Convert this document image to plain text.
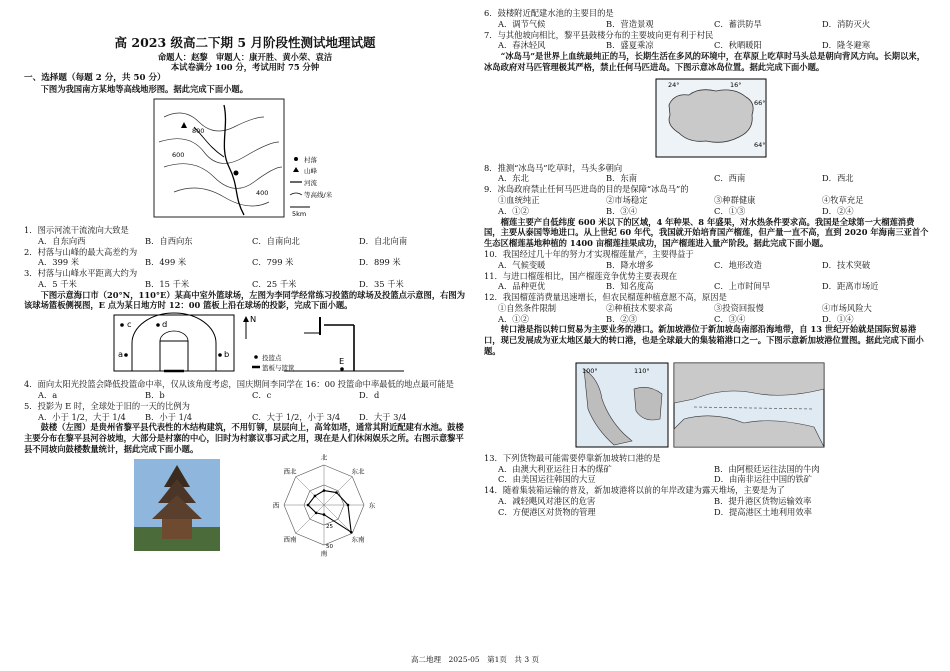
高 2023 级高二下期 5 月阶段性测试地理试题
命题人：赵黎　审题人：康开胜、黄小荣、袁洁
本试卷满分 100 分，考试用时 75 分钟
一、选择题（每题 2 分，共 50 分）
下图为我国南方某地等高线地形图。据此完成下面小题。
800
600
400
村落
山峰
河流
等高线/米
5km
1．图示河流干流流向大致是
A．自东向西	B．自西向东	C．自南向北	D．自北向南
2．村落与山峰的最大高差约为
A．399 米	B．499 米	C．799 米	D．899 米
3．村落与山峰水平距离大约为
A．5 千米	B．15 千米	C．25 千米	D．35 千米
下图示意海口市（20°N，110°E）某高中室外篮球场，左图为李同学经常练习投篮的球场及投篮点示意图，右图为该球场篮板侧视图，E 点为某日地方时 12：00 篮板上沿在球场的投影，完成下面小题。
c	d
a	b
N
投篮点
篮板与篮筐
E
4．面向太阳光投篮会降低投篮命中率，仅从该角度考虑，国庆期间李同学在 16：00 投篮命中率最低的地点最可能是
A．a	B．b	C．c	D．d
5．投影为 E 时，全球处于旧的一天的比例为
A．小于 1/2，大于 1/4	B．小于 1/4	C．大于 1/2，小于 3/4	D．大于 3/4
鼓楼（左图）是贵州省黎平县代表性的木结构建筑，不用钉铆，层层向上，高耸如塔，通常其附近配建有水池。鼓楼主要分布在黎平县河谷坡地，大部分是村寨的中心，旧时为村寨议事习武之用，现在是人们休闲娱乐之所。右图示意黎平县不同坡向鼓楼数量统计，据此完成下面小题。
北
东北
东
东南
南
西南
西
西北
25
50
6．鼓楼附近配建水池的主要目的是
A．调节气候	B．营造景观	C．蓄洪防旱	D．消防灭火
7．与其他坡向相比，黎平县鼓楼分布的主要坡向更有利于村民
A．春沐轻风	B．盛夏乘凉	C．秋晒暖阳	D．隆冬避寒
“冰岛马”是世界上血统最纯正的马，长期生活在多风的环境中，在草原上吃草时马头总是朝向背风方向。长期以来，冰岛政府对马匹管理极其严格，禁止任何马匹进岛。下图示意冰岛位置。据此完成下面小题。
24°	16°
66°
64°
8．推测“冰岛马”吃草时，马头多朝向
A．东北	B．东南	C．西南	D．西北
9．冰岛政府禁止任何马匹进岛的目的是保障“冰岛马”的
①血统纯正	②市场稳定	③种群健康	④牧草充足
A．①②	B．③④	C．①③	D．②④
榴莲主要产自低纬度 600 米以下的区域，4 年种果、8 年盛果，对水热条件要求高。我国是全球第一大榴莲消费国，主要从泰国等地进口。从上世纪 60 年代，我国就开始培育国产榴莲，但产量一直不高，直到 2020 年海南三亚首个生态区榴莲基地种植的 1400 亩榴莲挂果成功，国产榴莲进入量产阶段。据此完成下面小题。
10．我国经过几十年的努力才实现榴莲量产，主要得益于
A．气候变暖	B．降水增多	C．地形改造	D．技术突破
11．与进口榴莲相比，国产榴莲竞争优势主要表现在
A．品种更优	B．知名度高	C．上市时间早	D．距离市场近
12．我国榴莲消费量迅速增长，但农民榴莲种植意愿不高，原因是
①自然条件限制	②种植技术要求高	③投资回报慢	④市场风险大
A．①②	B．②③	C．③④	D．①④
转口港是指以转口贸易为主要业务的港口。新加坡港位于新加坡岛南部沿海地带，自 13 世纪开始就是国际贸易港口，现已发展成为亚太地区最大的转口港，也是全球最大的集装箱港口之一。下图示意新加坡港位置图。据此完成下面小题。
100°	110°
13．下列货物最可能需要停靠新加坡转口港的是
A．由澳大利亚运往日本的煤矿	B．由阿根廷运往法国的牛肉
C．由美国运往韩国的大豆	D．由南非运往中国的铁矿
14．随着集装箱运输的普及，新加坡港将以前的年岸改建为露天堆场，主要是为了
A．减轻飓风对港区的危害	B．提升港区货物运输效率
C．方便港区对货物的管理	D．提高港区土地利用效率
高二地理　2025-05　第1页　共 3 页
